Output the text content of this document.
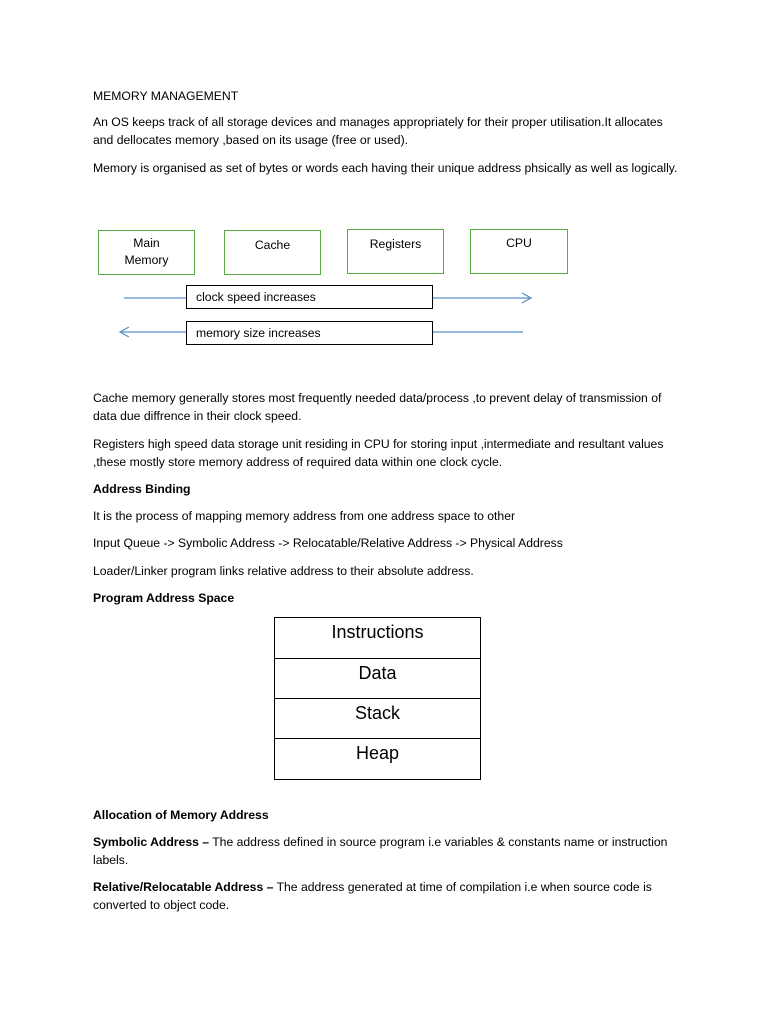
MEMORY MANAGEMENT

An OS keeps track of all storage devices and manages appropriately for their proper utilisation.It allocates and dellocates memory ,based on its usage (free or used).

Memory is organised as set of bytes or words each having their unique address phsically as well as logically.

Main
Memory
Cache	Registers	CPU
clock speed increases
memory size increases

Cache memory generally stores most frequently needed data/process ,to prevent delay of transmission of data due diffrence in their clock speed.

Registers high speed data storage unit residing in CPU for storing input ,intermediate and resultant values ,these mostly store memory address of required data within one clock cycle.

Address Binding

It is the process of mapping memory address from one address space to other

Input Queue -> Symbolic Address -> Relocatable/Relative Address -> Physical Address

Loader/Linker program links relative address to their absolute address.

Program Address Space

Instructions
Data
Stack
Heap

Allocation of Memory Address

Symbolic Address – The address defined in source program i.e variables & constants name or instruction labels.

Relative/Relocatable Address – The address generated at time of compilation i.e when source code is converted to object code.
